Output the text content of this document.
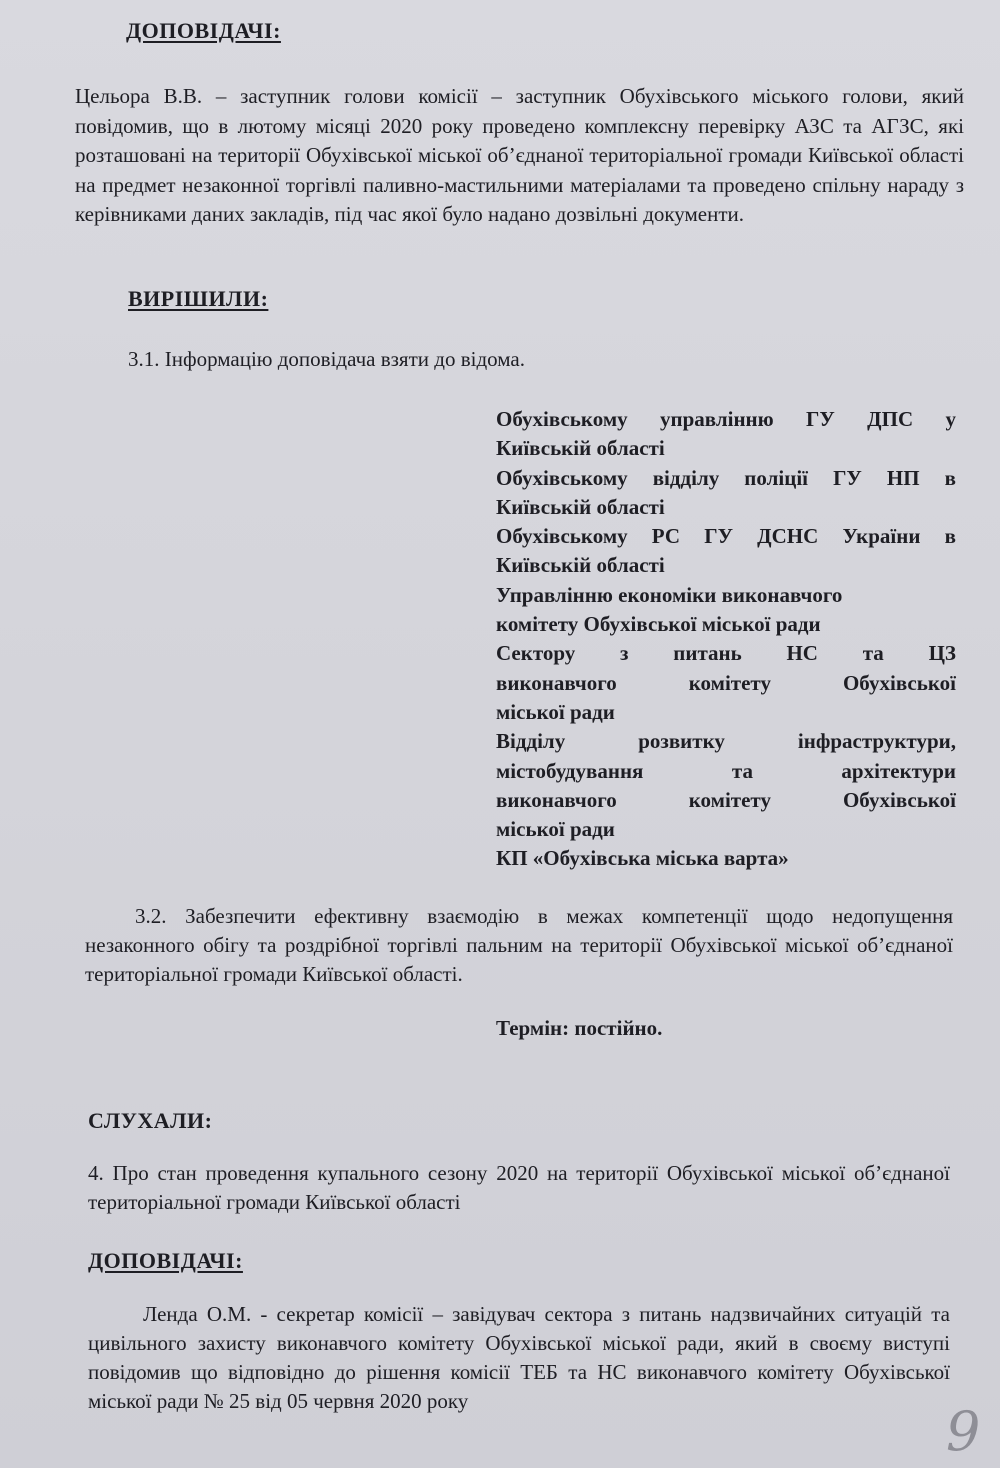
ДОПОВІДАЧІ:

Цельора В.В. – заступник голови комісії – заступник Обухівського міського голови, який повідомив, що в лютому місяці 2020 року проведено комплексну перевірку АЗС та АГЗС, які розташовані на території Обухівської міської об’єднаної територіальної громади Київської області на предмет незаконної торгівлі паливно-мастильними матеріалами та проведено спільну нараду з керівниками даних закладів, під час якої було надано дозвільні документи.

ВИРІШИЛИ:

3.1. Інформацію доповідача взяти до відома.

Обухівському управлінню ГУ ДПС у
Київській області
Обухівському відділу поліції ГУ НП в
Київській області
Обухівському РС ГУ ДСНС України в
Київській області
Управлінню економіки виконавчого
комітету Обухівської міської ради
Сектору з питань НС та ЦЗ
виконавчого комітету Обухівської
міської ради
Відділу розвитку інфраструктури,
містобудування та архітектури
виконавчого комітету Обухівської
міської ради
КП «Обухівська міська варта»

3.2. Забезпечити ефективну взаємодію в межах компетенції щодо недопущення незаконного обігу та роздрібної торгівлі пальним на території Обухівської міської об’єднаної територіальної громади Київської області.

Термін: постійно.

СЛУХАЛИ:

4. Про стан проведення купального сезону 2020 на території Обухівської міської об’єднаної територіальної громади Київської області

ДОПОВІДАЧІ:

Ленда О.М. - секретар комісії – завідувач сектора з питань надзвичайних ситуацій та цивільного захисту виконавчого комітету Обухівської міської ради, який в своєму виступі повідомив що відповідно до рішення комісії ТЕБ та НС виконавчого комітету Обухівської міської ради № 25 від 05 червня 2020 року	9
